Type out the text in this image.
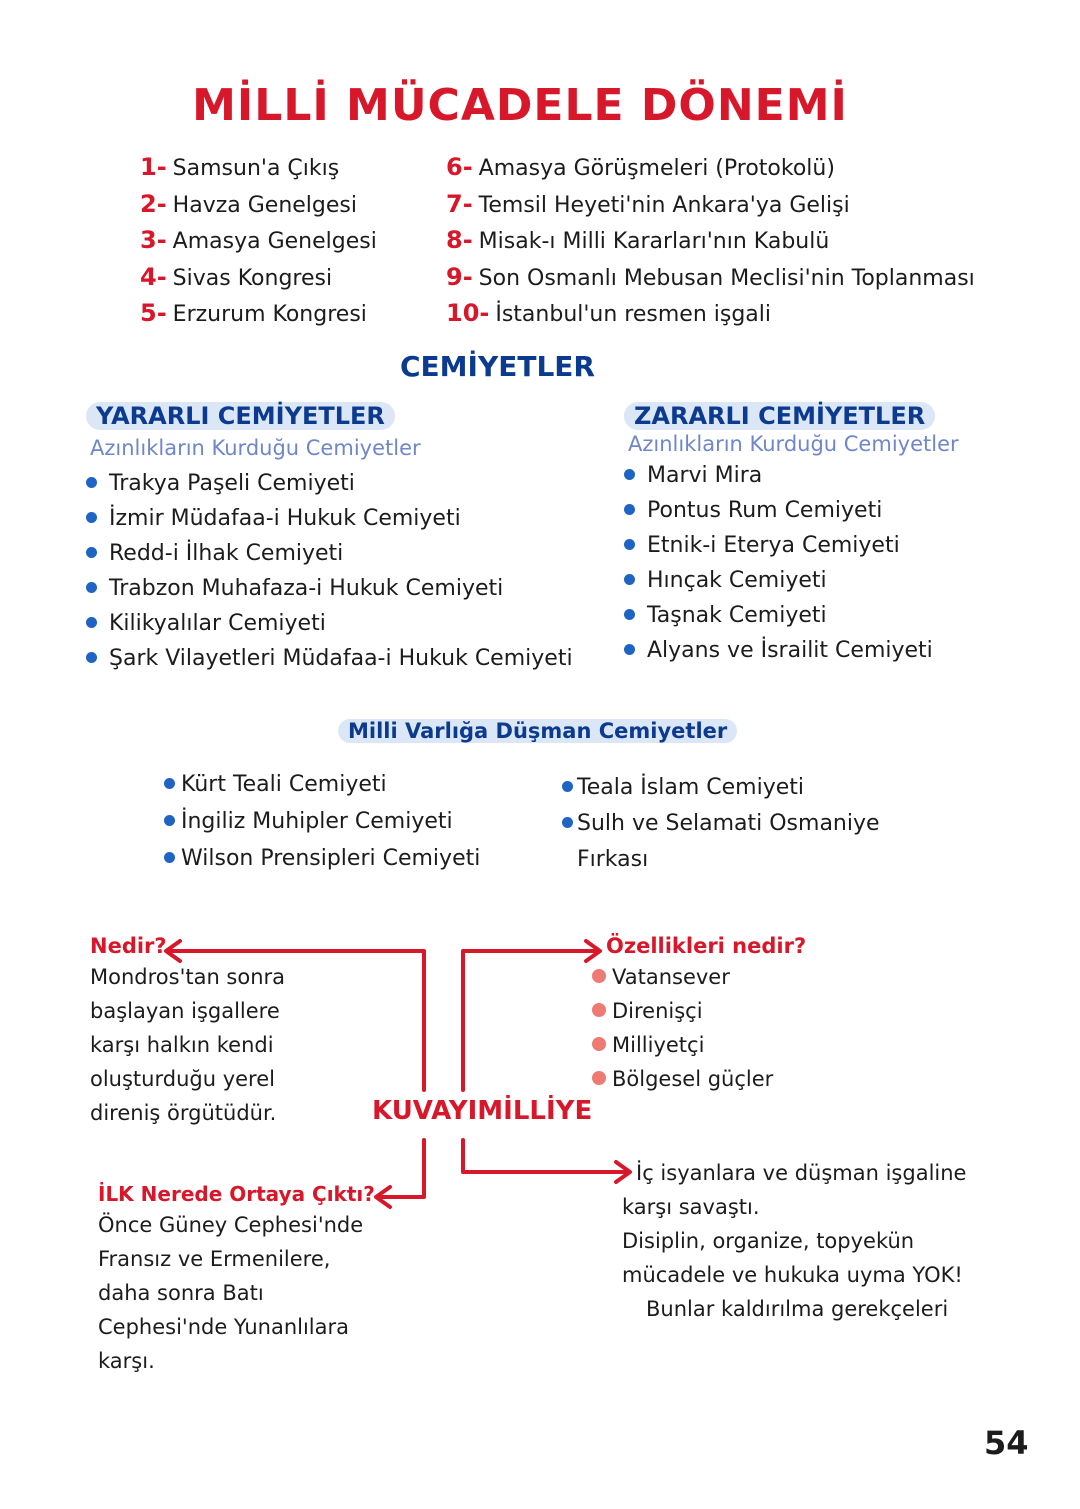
MİLLİ MÜCADELE DÖNEMİ
1- Samsun'a Çıkış
2- Havza Genelgesi
3- Amasya Genelgesi
4- Sivas Kongresi
5- Erzurum Kongresi
6- Amasya Görüşmeleri (Protokolü)
7- Temsil Heyeti'nin Ankara'ya Gelişi
8- Misak-ı Milli Kararları'nın Kabulü
9- Son Osmanlı Mebusan Meclisi'nin Toplanması
10- İstanbul'un resmen işgali
CEMİYETLER
YARARLI CEMİYETLER
Azınlıkların Kurduğu Cemiyetler
Trakya Paşeli Cemiyeti
İzmir Müdafaa-i Hukuk Cemiyeti
Redd-i İlhak Cemiyeti
Trabzon Muhafaza-i Hukuk Cemiyeti
Kilikyalılar Cemiyeti
Şark Vilayetleri Müdafaa-i Hukuk Cemiyeti
ZARARLI CEMİYETLER
Azınlıkların Kurduğu Cemiyetler
Marvi Mira
Pontus Rum Cemiyeti
Etnik-i Eterya Cemiyeti
Hınçak Cemiyeti
Taşnak Cemiyeti
Alyans ve İsrailit Cemiyeti
Milli Varlığa Düşman Cemiyetler
Kürt Teali Cemiyeti
İngiliz Muhipler Cemiyeti
Wilson Prensipleri Cemiyeti
Teala İslam Cemiyeti
Sulh ve Selamati Osmaniye
Fırkası
Nedir?
Mondros'tan sonra
başlayan işgallere
karşı halkın kendi
oluşturduğu yerel
direniş örgütüdür.	KUVAYIMİLLİYE
Özellikleri nedir?
Vatansever
Direnişçi
Milliyetçi
Bölgesel güçler
İLK Nerede Ortaya Çıktı?
Önce Güney Cephesi'nde
Fransız ve Ermenilere,
daha sonra Batı
Cephesi'nde Yunanlılara
karşı.
İç isyanlara ve düşman işgaline
karşı savaştı.
Disiplin, organize, topyekün
mücadele ve hukuka uyma YOK!
Bunlar kaldırılma gerekçeleri
54
